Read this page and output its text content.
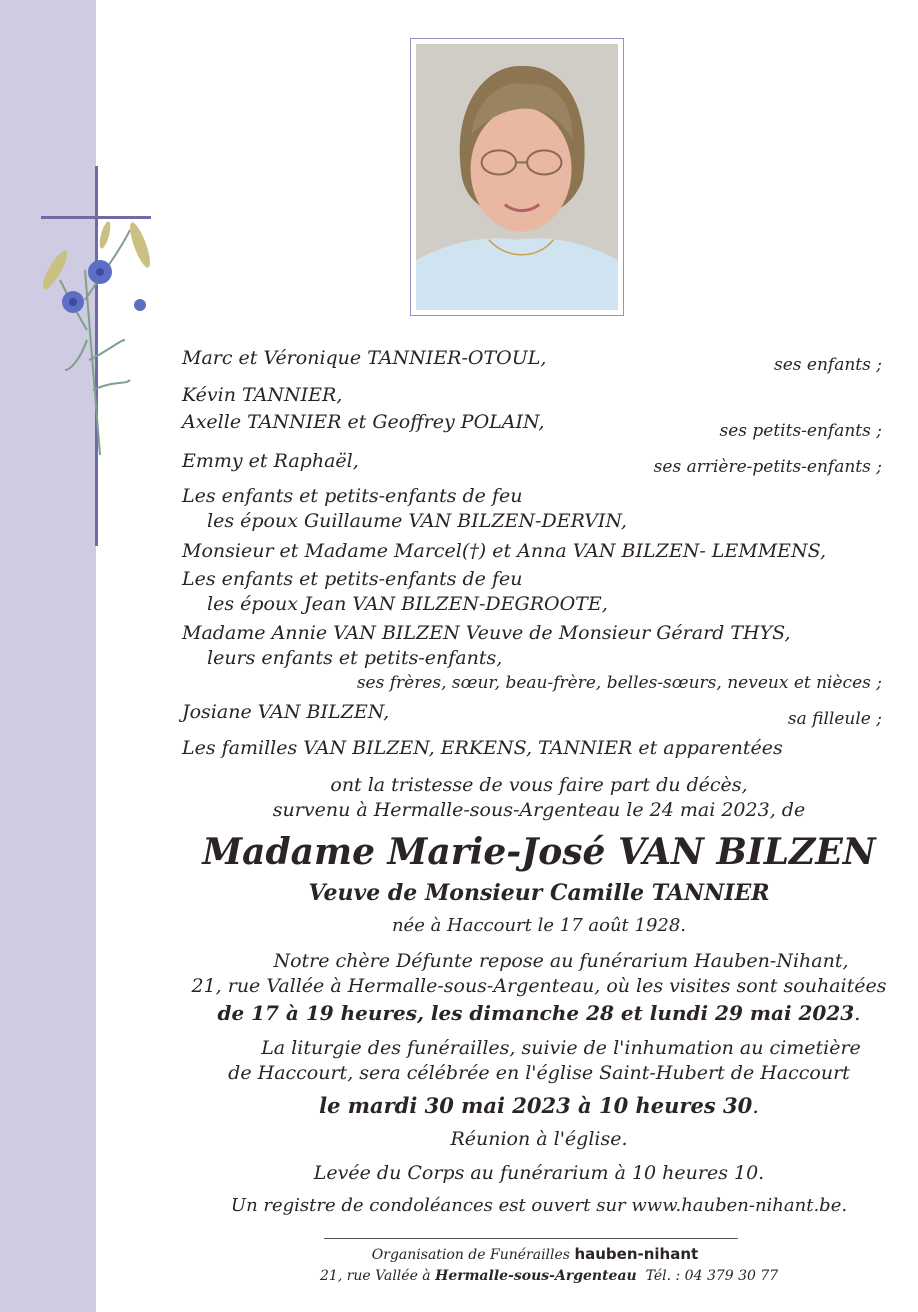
Marc et Véronique TANNIER-OTOUL,	ses enfants ;
Kévin TANNIER,
Axelle TANNIER et Geoffrey POLAIN,	ses petits-enfants ;
Emmy et Raphaël,	ses arrière-petits-enfants ;
Les enfants et petits-enfants de feu
les époux Guillaume VAN BILZEN-DERVIN,
Monsieur et Madame Marcel(†) et Anna VAN BILZEN- LEMMENS,
Les enfants et petits-enfants de feu
les époux Jean VAN BILZEN-DEGROOTE,
Madame Annie VAN BILZEN Veuve de Monsieur Gérard THYS,
leurs enfants et petits-enfants,
ses frères, sœur, beau-frère, belles-sœurs, neveux et nièces ;
Josiane VAN BILZEN,	sa filleule ;
Les familles VAN BILZEN, ERKENS, TANNIER et apparentées
ont la tristesse de vous faire part du décès,
survenu à Hermalle-sous-Argenteau le 24 mai 2023, de
Madame Marie-José VAN BILZEN
Veuve de Monsieur Camille TANNIER
née à Haccourt le 17 août 1928.
Notre chère Défunte repose au funérarium Hauben-Nihant,
21, rue Vallée à Hermalle-sous-Argenteau, où les visites sont souhaitées
de 17 à 19 heures, les dimanche 28 et lundi 29 mai 2023.
La liturgie des funérailles, suivie de l'inhumation au cimetière
de Haccourt, sera célébrée en l'église Saint-Hubert de Haccourt
le mardi 30 mai 2023 à 10 heures 30.
Réunion à l'église.
Levée du Corps au funérarium à 10 heures 10.
Un registre de condoléances est ouvert sur www.hauben-nihant.be.
Organisation de Funérailles hauben-nihant
21, rue Vallée à Hermalle-sous-Argenteau Tél. : 04 379 30 77
